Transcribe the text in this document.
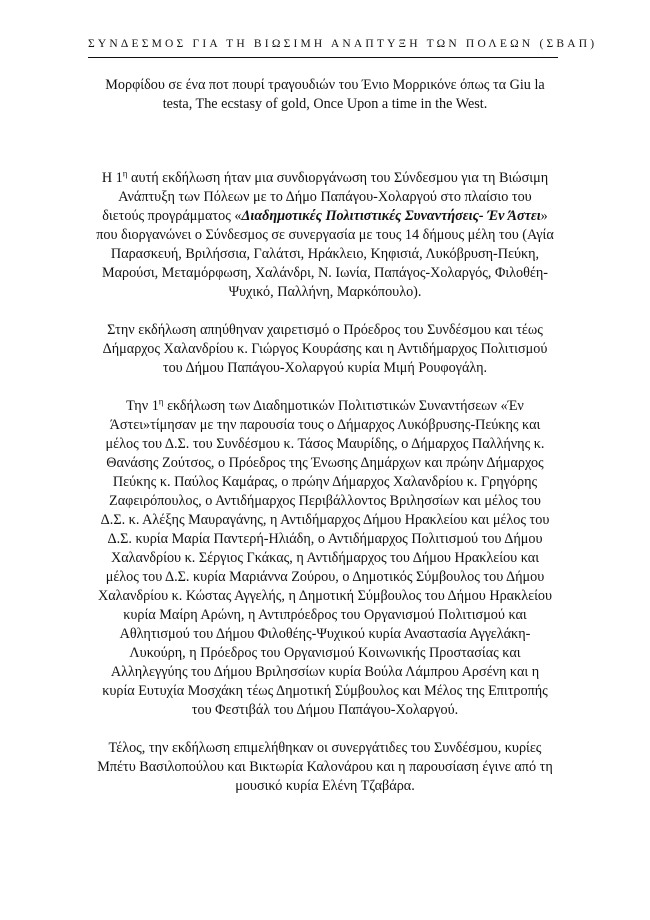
ΣΥΝΔΕΣΜΟΣ ΓΙΑ ΤΗ ΒΙΩΣΙΜΗ ΑΝΑΠΤΥΞΗ ΤΩΝ ΠΟΛΕΩΝ (ΣΒΑΠ)

Μορφίδου σε ένα ποτ πουρί τραγουδιών του Ένιο Μορρικόνε όπως τα Giu la testa, The ecstasy of gold, Once Upon a time in the West.

Η $1^\eta$ αυτή εκδήλωση ήταν μια συνδιοργάνωση του Σύνδεσμου για τη Βιώσιμη Ανάπτυξη των Πόλεων με το Δήμο Παπάγου-Χολαργού στο πλαίσιο του διετούς προγράμματος «Διαδημοτικές Πολιτιστικές Συναντήσεις- Έν Άστει» που διοργανώνει ο Σύνδεσμος σε συνεργασία με τους 14 δήμους μέλη του (Αγία Παρασκευή, Βριλήσσια, Γαλάτσι, Ηράκλειο, Κηφισιά, Λυκόβρυση-Πεύκη, Μαρούσι, Μεταμόρφωση, Χαλάνδρι, Ν. Ιωνία, Παπάγος-Χολαργός, Φιλοθέη-Ψυχικό, Παλλήνη, Μαρκόπουλο).

Στην εκδήλωση απηύθηναν χαιρετισμό ο Πρόεδρος του Συνδέσμου και τέως Δήμαρχος Χαλανδρίου κ. Γιώργος Κουράσης και η Αντιδήμαρχος Πολιτισμού του Δήμου Παπάγου-Χολαργού κυρία Μιμή Ρουφογάλη.

Την $1^\eta$ εκδήλωση των Διαδημοτικών Πολιτιστικών Συναντήσεων «Έν Άστει»τίμησαν με την παρουσία τους ο Δήμαρχος Λυκόβρυσης-Πεύκης και μέλος του Δ.Σ. του Συνδέσμου κ. Τάσος Μαυρίδης, ο Δήμαρχος Παλλήνης κ. Θανάσης Ζούτσος, ο Πρόεδρος της Ένωσης Δημάρχων και πρώην Δήμαρχος Πεύκης κ. Παύλος Καμάρας, ο πρώην Δήμαρχος Χαλανδρίου κ. Γρηγόρης Ζαφειρόπουλος, ο Αντιδήμαρχος Περιβάλλοντος Βριλησσίων και μέλος του Δ.Σ. κ. Αλέξης Μαυραγάνης, η Αντιδήμαρχος Δήμου Ηρακλείου και μέλος του Δ.Σ. κυρία Μαρία Παντερή-Ηλιάδη, ο Αντιδήμαρχος Πολιτισμού του Δήμου Χαλανδρίου κ. Σέργιος Γκάκας, η Αντιδήμαρχος του Δήμου Ηρακλείου και μέλος του Δ.Σ. κυρία Μαριάννα Ζούρου, ο Δημοτικός Σύμβουλος του Δήμου Χαλανδρίου κ. Κώστας Αγγελής, η Δημοτική Σύμβουλος του Δήμου Ηρακλείου κυρία Μαίρη Αρώνη, η Αντιπρόεδρος του Οργανισμού Πολιτισμού και Αθλητισμού του Δήμου Φιλοθέης-Ψυχικού κυρία Αναστασία Αγγελάκη-Λυκούρη, η Πρόεδρος του Οργανισμού Κοινωνικής Προστασίας και Αλληλεγγύης του Δήμου Βριλησσίων κυρία Βούλα Λάμπρου Αρσένη και η κυρία Ευτυχία Μοσχάκη τέως Δημοτική Σύμβουλος και Μέλος της Επιτροπής του Φεστιβάλ του Δήμου Παπάγου-Χολαργού.

Τέλος, την εκδήλωση επιμελήθηκαν οι συνεργάτιδες του Συνδέσμου, κυρίες Μπέτυ Βασιλοπούλου και Βικτωρία Καλονάρου και η παρουσίαση έγινε από τη μουσικό κυρία Ελένη Τζαβάρα.
